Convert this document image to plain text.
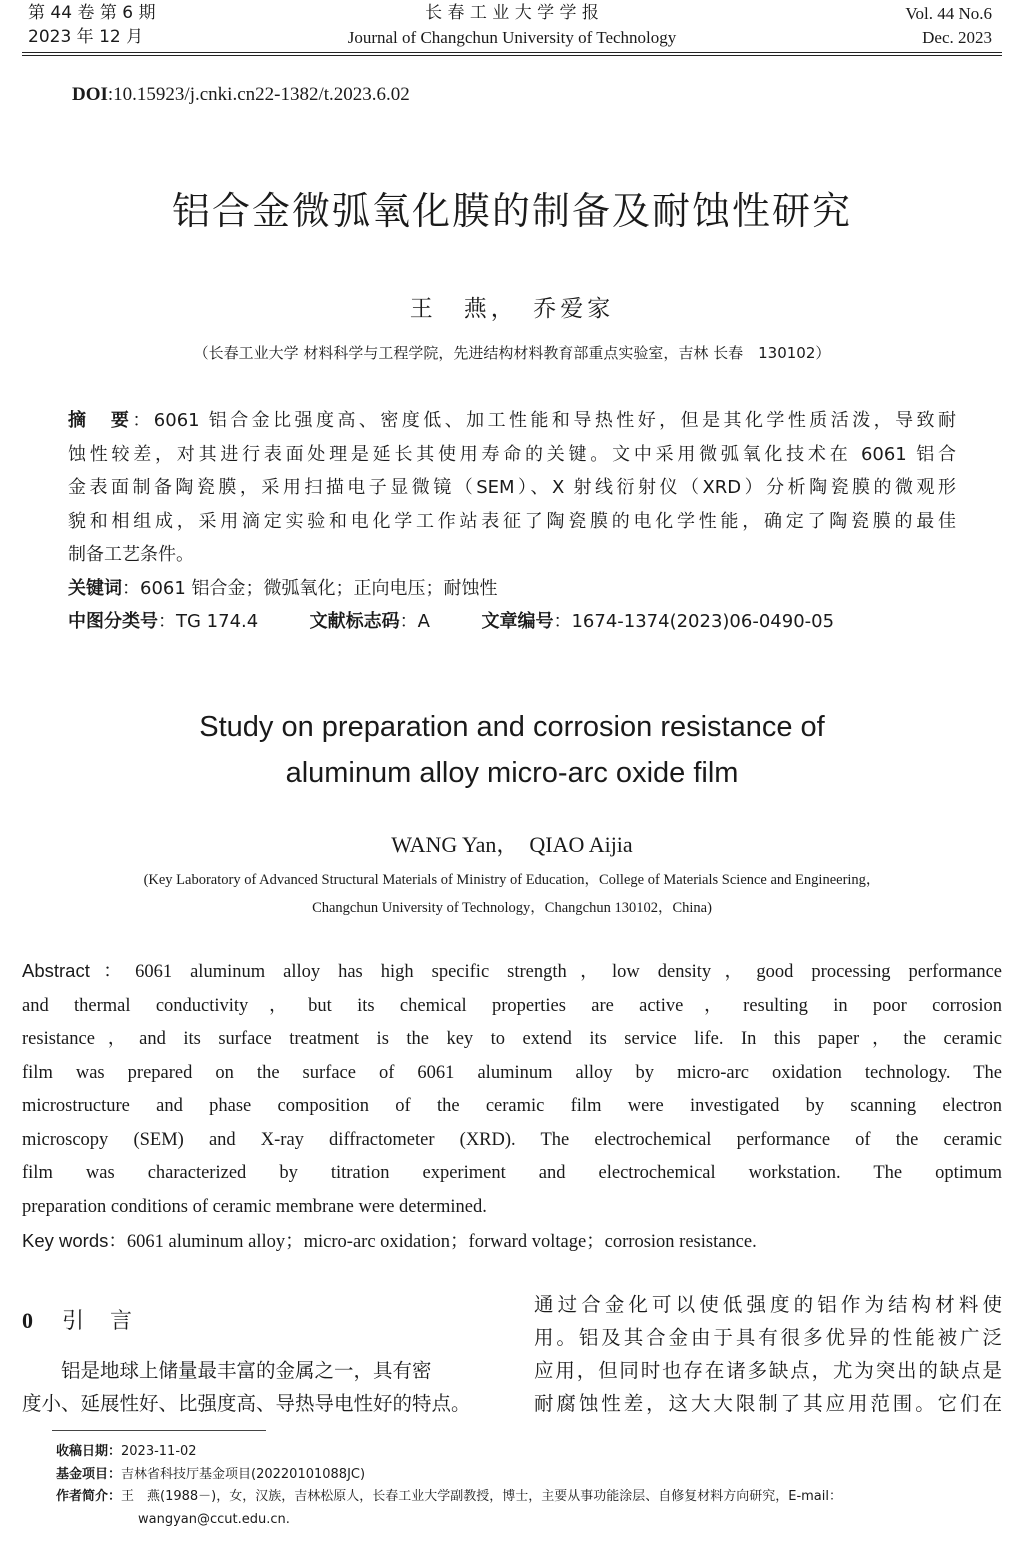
第 44 卷 第 6 期
2023 年 12 月
长 春 工 业 大 学 学 报
Journal of Changchun University of Technology
Vol. 44 No.6
Dec. 2023
DOI:10.15923/j.cnki.cn22-1382/t.2023.6.02
铝合金微弧氧化膜的制备及耐蚀性研究
王　燕，　乔爱家
（长春工业大学 材料科学与工程学院，先进结构材料教育部重点实验室，吉林 长春　130102）
摘　要：6061 铝合金比强度高、密度低、加工性能和导热性好，但是其化学性质活泼，导致耐
蚀性较差，对其进行表面处理是延长其使用寿命的关键。文中采用微弧氧化技术在 6061 铝合
金表面制备陶瓷膜，采用扫描电子显微镜（SEM）、X 射线衍射仪（XRD）分析陶瓷膜的微观形
貌和相组成，采用滴定实验和电化学工作站表征了陶瓷膜的电化学性能，确定了陶瓷膜的最佳
制备工艺条件。
关键词：6061 铝合金；微弧氧化；正向电压；耐蚀性
中图分类号：TG 174.4	文献标志码：A	文章编号：1674-1374(2023)06-0490-05
Study on preparation and corrosion resistance of
aluminum alloy micro-arc oxide film
WANG Yan，　QIAO Aijia
(Key Laboratory of Advanced Structural Materials of Ministry of Education，College of Materials Science and Engineering，
Changchun University of Technology，Changchun 130102，China)
Abstract：6061 aluminum alloy has high specific strength，low density，good processing performance
and thermal conductivity，but its chemical properties are active，resulting in poor corrosion
resistance，and its surface treatment is the key to extend its service life. In this paper，the ceramic
film was prepared on the surface of 6061 aluminum alloy by micro-arc oxidation technology. The
microstructure and phase composition of the ceramic film were investigated by scanning electron
microscopy (SEM) and X-ray diffractometer (XRD). The electrochemical performance of the ceramic
film was characterized by titration experiment and electrochemical workstation. The optimum
preparation conditions of ceramic membrane were determined.
Key words：6061 aluminum alloy；micro-arc oxidation；forward voltage；corrosion resistance.
0 引　言
铝是地球上储量最丰富的金属之一，具有密
度小、延展性好、比强度高、导热导电性好的特点。
通过合金化可以使低强度的铝作为结构材料使
用。铝及其合金由于具有很多优异的性能被广泛
应用，但同时也存在诸多缺点，尤为突出的缺点是
耐腐蚀性差，这大大限制了其应用范围。它们在
收稿日期：2023-11-02
基金项目：吉林省科技厅基金项目(20220101088JC)
作者简介：王　燕(1988－)，女，汉族，吉林松原人，长春工业大学副教授，博士，主要从事功能涂层、自修复材料方向研究，E-mail：
wangyan@ccut.edu.cn.
